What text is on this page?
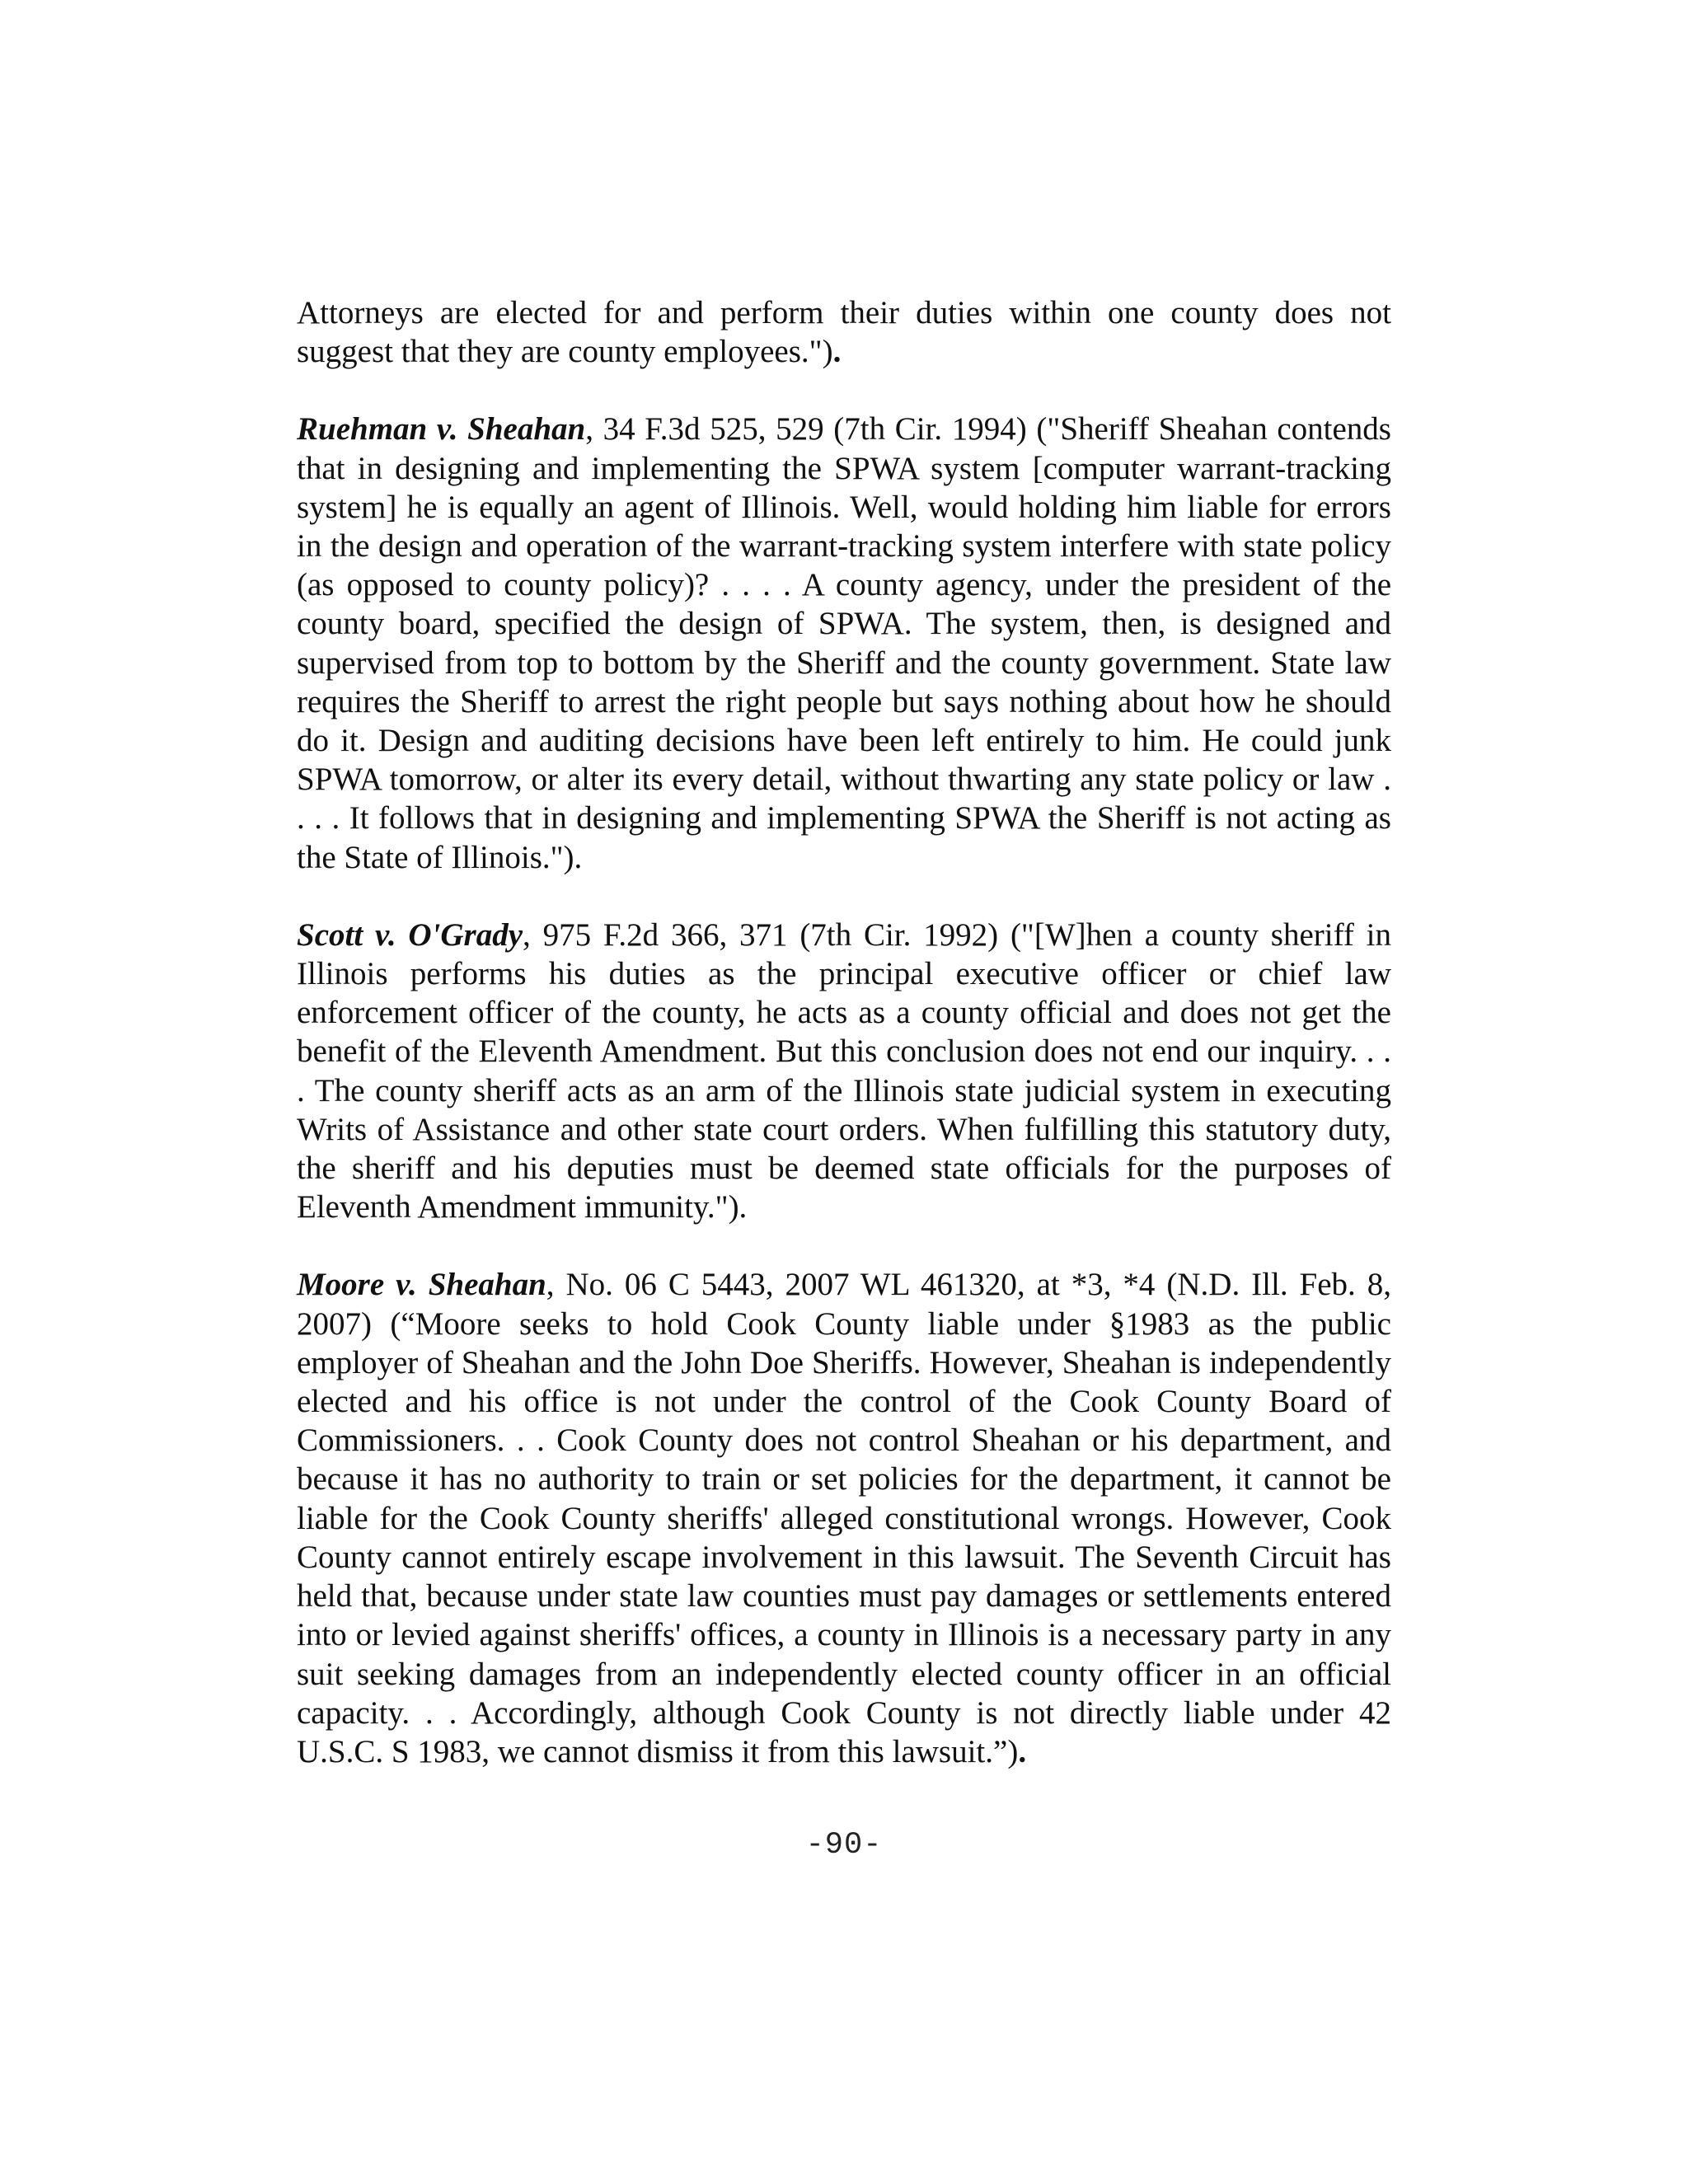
Attorneys are elected for and perform their duties within one county does not suggest that they are county employees.").

Ruehman v. Sheahan, 34 F.3d 525, 529 (7th Cir. 1994) ("Sheriff Sheahan contends that in designing and implementing the SPWA system [computer warrant-tracking system] he is equally an agent of Illinois. Well, would holding him liable for errors in the design and operation of the warrant-tracking system interfere with state policy (as opposed to county policy)? . . . . A county agency, under the president of the county board, specified the design of SPWA. The system, then, is designed and supervised from top to bottom by the Sheriff and the county government. State law requires the Sheriff to arrest the right people but says nothing about how he should do it. Design and auditing decisions have been left entirely to him. He could junk SPWA tomorrow, or alter its every detail, without thwarting any state policy or law . . . . It follows that in designing and implementing SPWA the Sheriff is not acting as the State of Illinois.").

Scott v. O'Grady, 975 F.2d 366, 371 (7th Cir. 1992) ("[W]hen a county sheriff in Illinois performs his duties as the principal executive officer or chief law enforcement officer of the county, he acts as a county official and does not get the benefit of the Eleventh Amendment. But this conclusion does not end our inquiry. . . . The county sheriff acts as an arm of the Illinois state judicial system in executing Writs of Assistance and other state court orders. When fulfilling this statutory duty, the sheriff and his deputies must be deemed state officials for the purposes of Eleventh Amendment immunity.").

Moore v. Sheahan, No. 06 C 5443, 2007 WL 461320, at *3, *4 (N.D. Ill. Feb. 8, 2007) (“Moore seeks to hold Cook County liable under §1983 as the public employer of Sheahan and the John Doe Sheriffs. However, Sheahan is independently elected and his office is not under the control of the Cook County Board of Commissioners. . . Cook County does not control Sheahan or his department, and because it has no authority to train or set policies for the department, it cannot be liable for the Cook County sheriffs' alleged constitutional wrongs. However, Cook County cannot entirely escape involvement in this lawsuit. The Seventh Circuit has held that, because under state law counties must pay damages or settlements entered into or levied against sheriffs' offices, a county in Illinois is a necessary party in any suit seeking damages from an independently elected county officer in an official capacity. . . Accordingly, although Cook County is not directly liable under 42 U.S.C. S 1983, we cannot dismiss it from this lawsuit.”).

-90-
